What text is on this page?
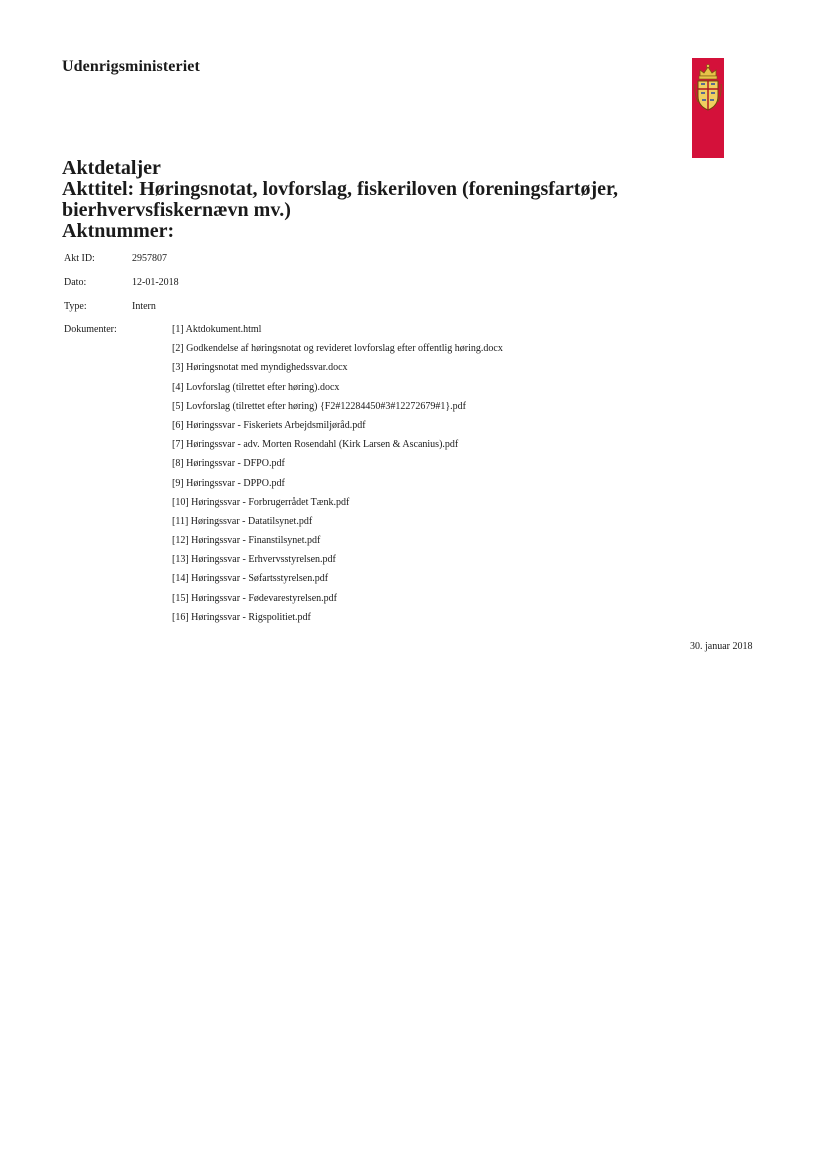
Udenrigsministeriet

Aktdetaljer

Akttitel: Høringsnotat, lovforslag, fiskeriloven (foreningsfartøjer,

bierhvervsfiskernævn mv.)

Aktnummer:

Akt ID:	2957807
Dato:	12-01-2018
Type:	Intern
Dokumenter:	[1] Aktdokument.html
[2] Godkendelse af høringsnotat og revideret lovforslag efter offentlig høring.docx
[3] Høringsnotat med myndighedssvar.docx
[4] Lovforslag (tilrettet efter høring).docx
[5] Lovforslag (tilrettet efter høring) {F2#12284450#3#12272679#1}.pdf
[6] Høringssvar - Fiskeriets Arbejdsmiljøråd.pdf
[7] Høringssvar - adv. Morten Rosendahl (Kirk Larsen & Ascanius).pdf
[8] Høringssvar - DFPO.pdf
[9] Høringssvar - DPPO.pdf
[10] Høringssvar - Forbrugerrådet Tænk.pdf
[11] Høringssvar - Datatilsynet.pdf
[12] Høringssvar - Finanstilsynet.pdf
[13] Høringssvar - Erhvervsstyrelsen.pdf
[14] Høringssvar - Søfartsstyrelsen.pdf
[15] Høringssvar - Fødevarestyrelsen.pdf
[16] Høringssvar - Rigspolitiet.pdf
30. januar 2018
